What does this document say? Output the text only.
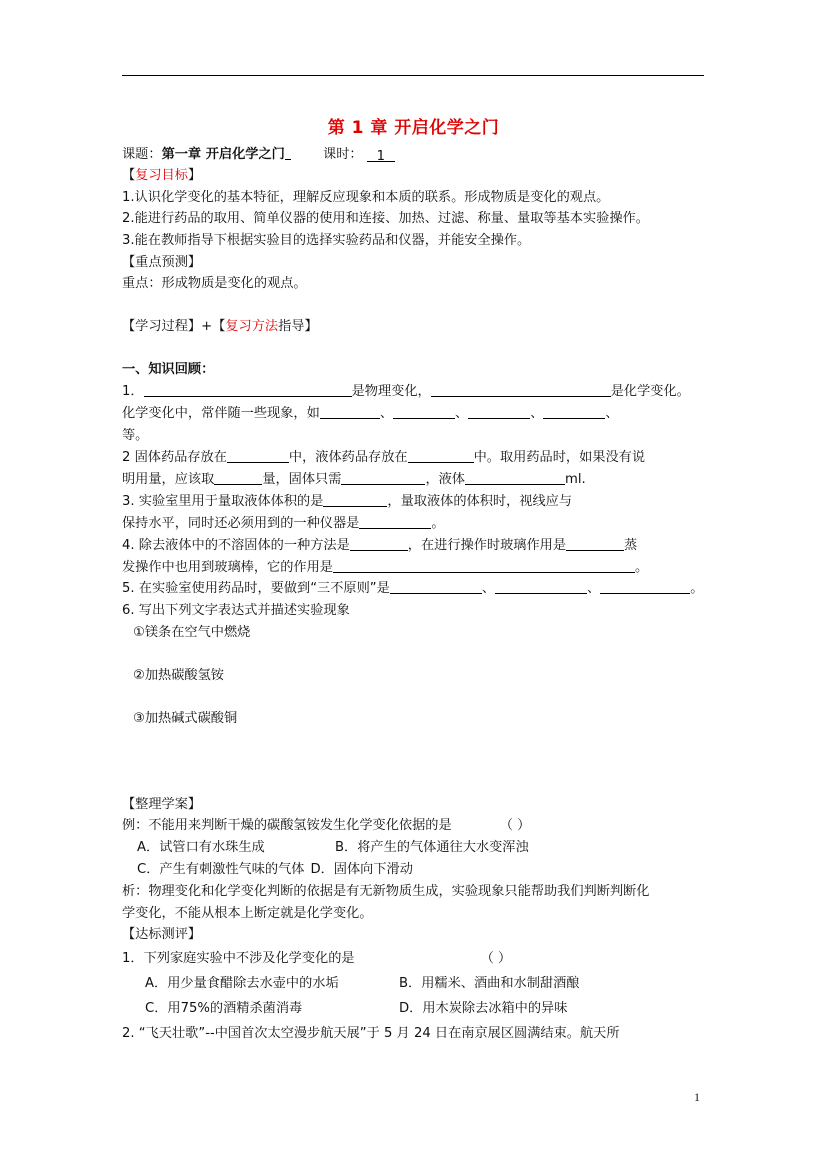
第 1 章 开启化学之门
课题：第一章 开启化学之门	课时： 1
【复习目标】
1.认识化学变化的基本特征，理解反应现象和本质的联系。形成物质是变化的观点。
2.能进行药品的取用、简单仪器的使用和连接、加热、过滤、称量、量取等基本实验操作。
3.能在教师指导下根据实验目的选择实验药品和仪器，并能安全操作。
【重点预测】
重点：形成物质是变化的观点。
【学习过程】+【复习方法指导】
一、知识回顾：
1．	是物理变化，	是化学变化。
化学变化中，常伴随一些现象，如	、	、	、	、
等。
2 固体药品存放在	中，液体药品存放在	中。取用药品时，如果没有说
明用量，应该取	量，固体只需	，液体	ml.
3. 实验室里用于量取液体体积的是	，量取液体的体积时，视线应与
保持水平，同时还必须用到的一种仪器是	。
4. 除去液体中的不溶固体的一种方法是	，在进行操作时玻璃作用是	蒸
发操作中也用到玻璃棒，它的作用是	。
5. 在实验室使用药品时，要做到“三不原则”是	、	、	。
6. 写出下列文字表达式并描述实验现象
①镁条在空气中燃烧
②加热碳酸氢铵
③加热碱式碳酸铜
【整理学案】
例：不能用来判断干燥的碳酸氢铵发生化学变化依据的是	（ ）
A．试管口有水珠生成	B．将产生的气体通往大水变浑浊
C．产生有刺激性气味的气体 D．固体向下滑动
析：物理变化和化学变化判断的依据是有无新物质生成，实验现象只能帮助我们判断判断化
学变化，不能从根本上断定就是化学变化。
【达标测评】
1．下列家庭实验中不涉及化学变化的是	（ ）
A．用少量食醋除去水壶中的水垢	B．用糯米、酒曲和水制甜酒酿
C．用75%的酒精杀菌消毒	D．用木炭除去冰箱中的异味
2. “飞天壮歌”--中国首次太空漫步航天展”于 5 月 24 日在南京展区圆满结束。航天所
1
